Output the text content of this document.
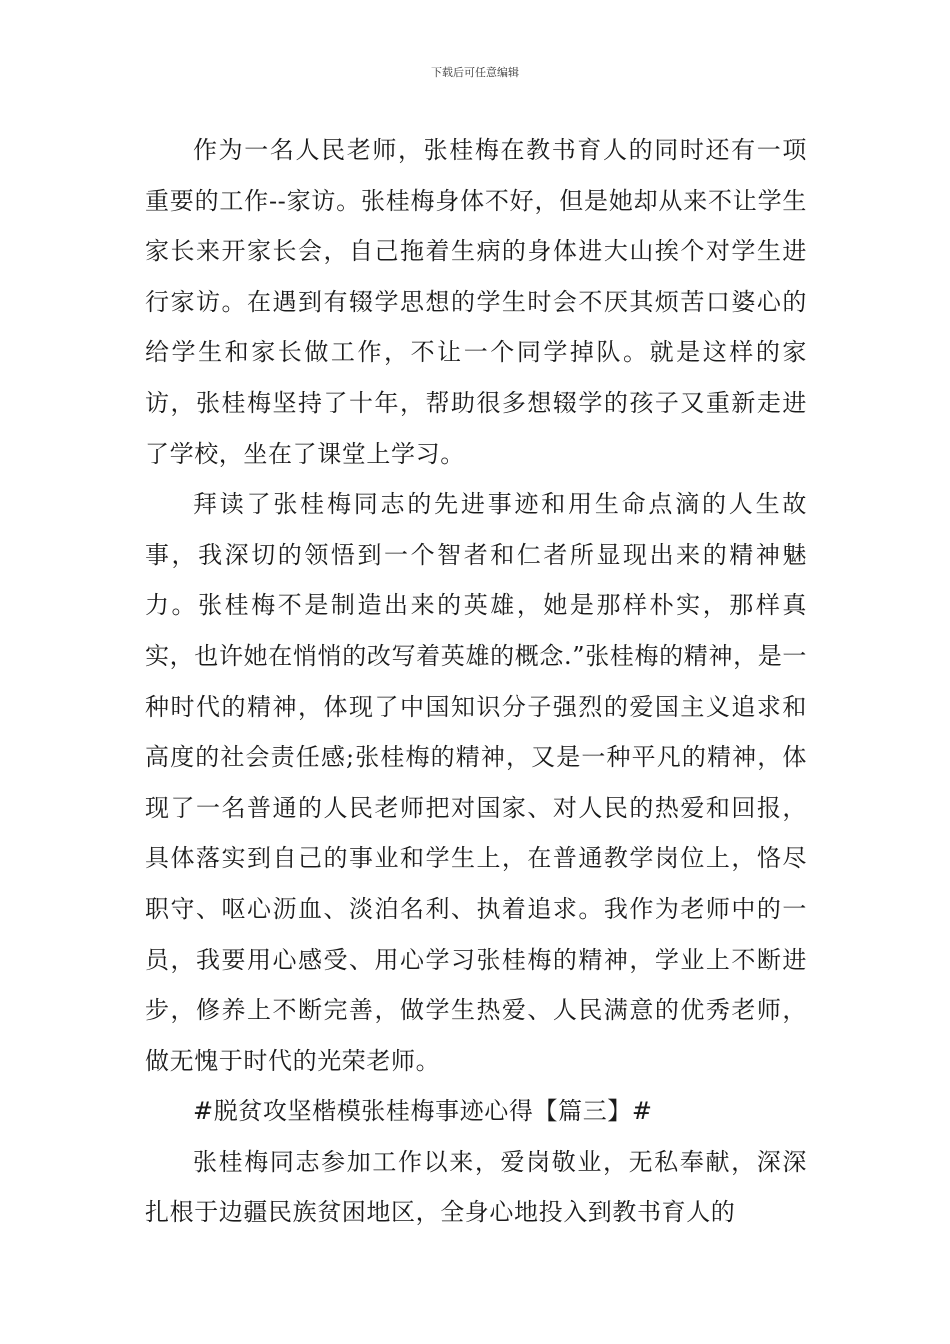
下载后可任意编辑

作为一名人民老师，张桂梅在教书育人的同时还有一项重要的工作--家访。张桂梅身体不好，但是她却从来不让学生家长来开家长会，自己拖着生病的身体进大山挨个对学生进行家访。在遇到有辍学思想的学生时会不厌其烦苦口婆心的给学生和家长做工作，不让一个同学掉队。就是这样的家访，张桂梅坚持了十年，帮助很多想辍学的孩子又重新走进了学校，坐在了课堂上学习。

拜读了张桂梅同志的先进事迹和用生命点滴的人生故事，我深切的领悟到一个智者和仁者所显现出来的精神魅力。张桂梅不是制造出来的英雄，她是那样朴实，那样真实，也许她在悄悄的改写着英雄的概念.”张桂梅的精神，是一种时代的精神，体现了中国知识分子强烈的爱国主义追求和高度的社会责任感;张桂梅的精神，又是一种平凡的精神，体现了一名普通的人民老师把对国家、对人民的热爱和回报，具体落实到自己的事业和学生上，在普通教学岗位上，恪尽职守、呕心沥血、淡泊名利、执着追求。我作为老师中的一员，我要用心感受、用心学习张桂梅的精神，学业上不断进步，修养上不断完善，做学生热爱、人民满意的优秀老师，做无愧于时代的光荣老师。

#脱贫攻坚楷模张桂梅事迹心得【篇三】#

张桂梅同志参加工作以来，爱岗敬业，无私奉献，深深扎根于边疆民族贫困地区，全身心地投入到教书育人的
